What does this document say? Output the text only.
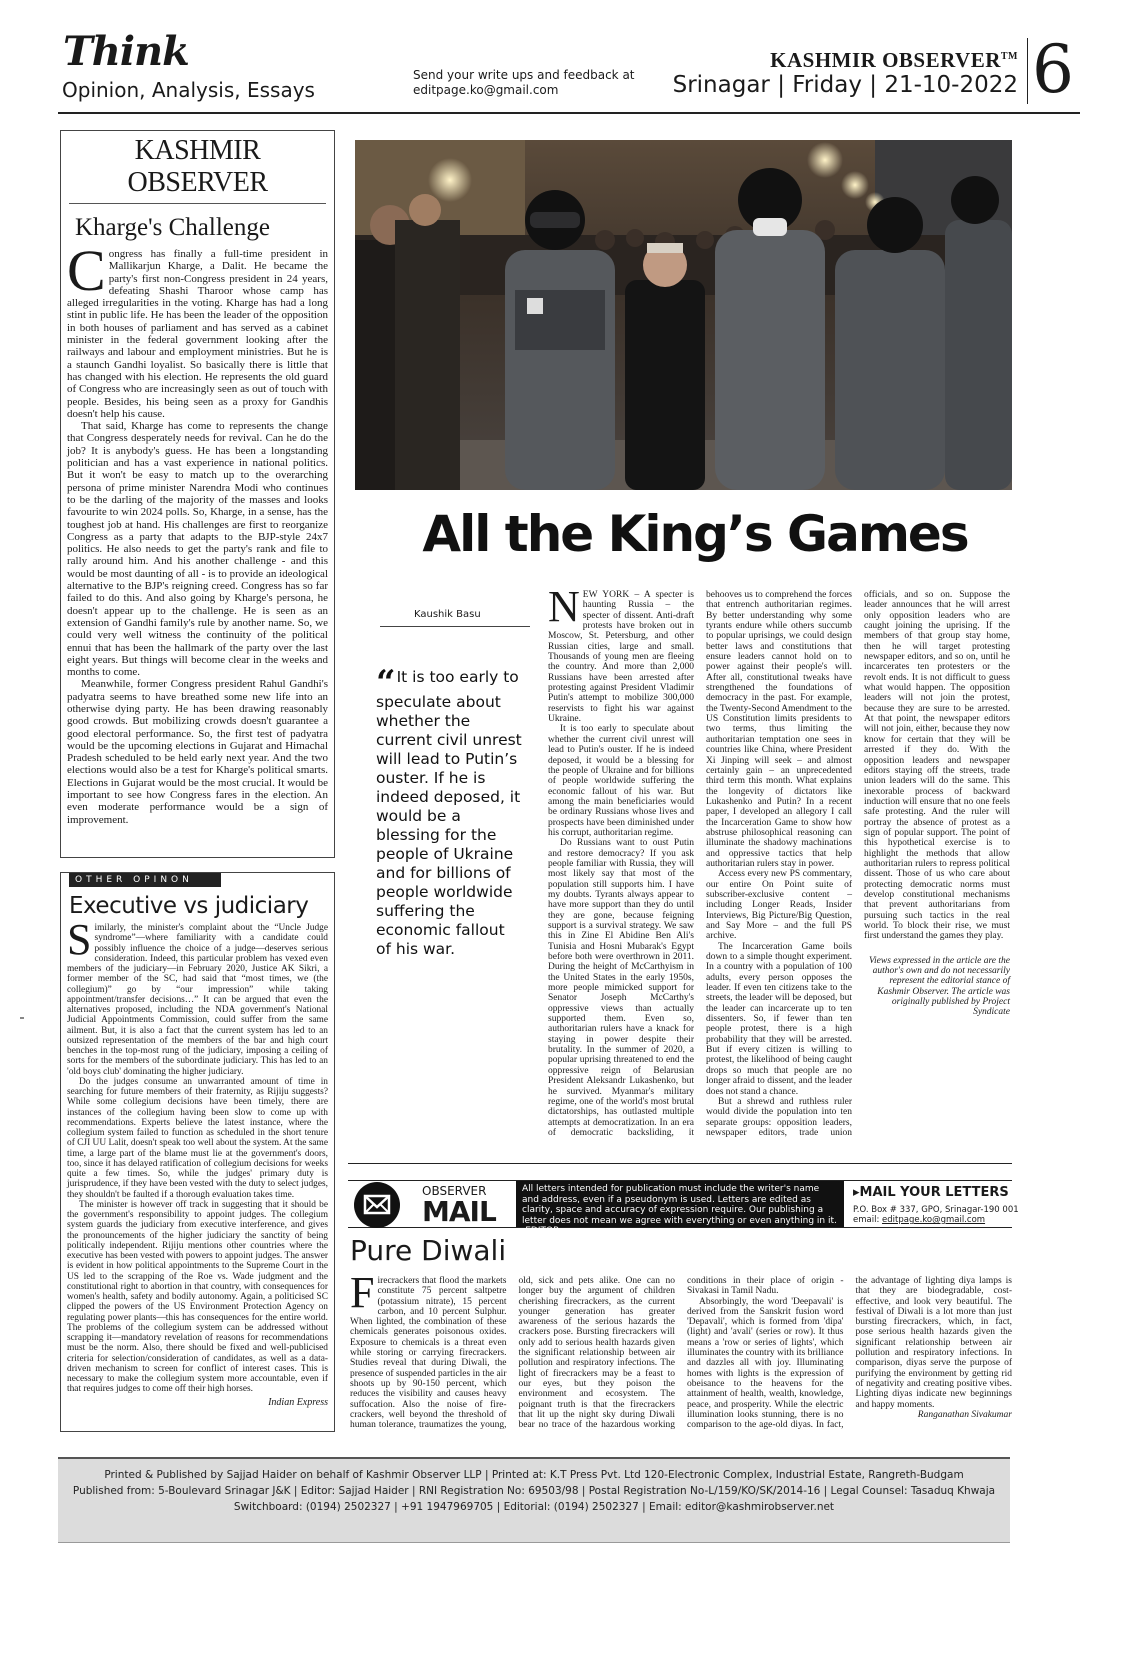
Think
Opinion, Analysis, Essays
Send your write ups and feedback at
editpage.ko@gmail.com
KASHMIR OBSERVER™
Srinagar | Friday | 21-10-2022 6
KASHMIR OBSERVER
Kharge's Challenge

Congress has finally a full-time president in Mallikarjun Kharge, a Dalit. He became the party's first non-Congress president in 24 years, defeating Shashi Tharoor whose camp has alleged irregularities in the voting. Kharge has had a long stint in public life. He has been the leader of the opposition in both houses of parliament and has served as a cabinet minister in the federal government looking after the railways and labour and employment ministries. But he is a staunch Gandhi loyalist. So basically there is little that has changed with his election. He represents the old guard of Congress who are increasingly seen as out of touch with people. Besides, his being seen as a proxy for Gandhis doesn't help his cause.

That said, Kharge has come to represents the change that Congress desperately needs for revival. Can he do the job? It is anybody's guess. He has been a longstanding politician and has a vast experience in national politics. But it won't be easy to match up to the overarching persona of prime minister Narendra Modi who continues to be the darling of the majority of the masses and looks favourite to win 2024 polls. So, Kharge, in a sense, has the toughest job at hand. His challenges are first to reorganize Congress as a party that adapts to the BJP-style 24x7 politics. He also needs to get the party's rank and file to rally around him. And his another challenge - and this would be most daunting of all - is to provide an ideological alternative to the BJP's reigning creed. Congress has so far failed to do this. And also going by Kharge's persona, he doesn't appear up to the challenge. He is seen as an extension of Gandhi family's rule by another name. So, we could very well witness the continuity of the political ennui that has been the hallmark of the party over the last eight years. But things will become clear in the weeks and months to come.

Meanwhile, former Congress president Rahul Gandhi's padyatra seems to have breathed some new life into an otherwise dying party. He has been drawing reasonably good crowds. But mobilizing crowds doesn't guarantee a good electoral performance. So, the first test of padyatra would be the upcoming elections in Gujarat and Himachal Pradesh scheduled to be held early next year. And the two elections would also be a test for Kharge's political smarts. Elections in Gujarat would be the most crucial. It would be important to see how Congress fares in the election. An even moderate performance would be a sign of improvement.

OTHER OPINON
Executive vs judiciary

Similarly, the minister's complaint about the “Uncle Judge syndrome”—where familiarity with a candidate could possibly influence the choice of a judge—deserves serious consideration. Indeed, this particular problem has vexed even members of the judiciary—in February 2020, Justice AK Sikri, a former member of the SC, had said that “most times, we (the collegium)” go by “our impression” while taking appointment/transfer decisions…” It can be argued that even the alternatives proposed, including the NDA government's National Judicial Appointments Commission, could suffer from the same ailment. But, it is also a fact that the current system has led to an outsized representation of the members of the bar and high court benches in the top-most rung of the judiciary, imposing a ceiling of sorts for the members of the subordinate judiciary. This has led to an 'old boys club' dominating the higher judiciary.

Do the judges consume an unwarranted amount of time in searching for future members of their fraternity, as Rijiju suggests? While some collegium decisions have been timely, there are instances of the collegium having been slow to come up with recommendations. Experts believe the latest instance, where the collegium system failed to function as scheduled in the short tenure of CJI UU Lalit, doesn't speak too well about the system. At the same time, a large part of the blame must lie at the government's doors, too, since it has delayed ratification of collegium decisions for weeks quite a few times. So, while the judges' primary duty is jurisprudence, if they have been vested with the duty to select judges, they shouldn't be faulted if a thorough evaluation takes time.

The minister is however off track in suggesting that it should be the government's responsibility to appoint judges. The collegium system guards the judiciary from executive interference, and gives the pronouncements of the higher judiciary the sanctity of being politically independent. Rijiju mentions other countries where the executive has been vested with powers to appoint judges. The answer is evident in how political appointments to the Supreme Court in the US led to the scrapping of the Roe vs. Wade judgment and the constitutional right to abortion in that country, with consequences for women's health, safety and bodily autonomy. Again, a politicised SC clipped the powers of the US Environment Protection Agency on regulating power plants—this has consequences for the entire world. The problems of the collegium system can be addressed without scrapping it—mandatory revelation of reasons for recommendations must be the norm. Also, there should be fixed and well-publicised criteria for selection/consideration of candidates, as well as a data-driven mechanism to screen for conflict of interest cases. This is necessary to make the collegium system more accountable, even if that requires judges to come off their high horses.

Indian Express
All the King’s Games
Kaushik Basu
“It is too early to speculate about whether the current civil unrest will lead to Putin’s ouster. If he is indeed deposed, it would be a blessing for the people of Ukraine and for billions of people worldwide suffering the economic fallout of his war.

NEW YORK – A specter is haunting Russia – the specter of dissent. Anti-draft protests have broken out in Moscow, St. Petersburg, and other Russian cities, large and small. Thousands of young men are fleeing the country. And more than 2,000 Russians have been arrested after protesting against President Vladimir Putin's attempt to mobilize 300,000 reservists to fight his war against Ukraine.

It is too early to speculate about whether the current civil unrest will lead to Putin's ouster. If he is indeed deposed, it would be a blessing for the people of Ukraine and for billions of people worldwide suffering the economic fallout of his war. But among the main beneficiaries would be ordinary Russians whose lives and prospects have been diminished under his corrupt, authoritarian regime.

Do Russians want to oust Putin and restore democracy? If you ask people familiar with Russia, they will most likely say that most of the population still supports him. I have my doubts. Tyrants always appear to have more support than they do until they are gone, because feigning support is a survival strategy. We saw this in Zine El Abidine Ben Ali's Tunisia and Hosni Mubarak's Egypt before both were overthrown in 2011. During the height of McCarthyism in the United States in the early 1950s, more people mimicked support for Senator Joseph McCarthy's oppressive views than actually supported them. Even so, authoritarian rulers have a knack for staying in power despite their brutality. In the summer of 2020, a popular uprising threatened to end the oppressive reign of Belarusian President Aleksandr Lukashenko, but he survived. Myanmar's military regime, one of the world's most brutal dictatorships, has outlasted multiple attempts at democratization. In an era of democratic backsliding, it behooves us to comprehend the forces that entrench authoritarian regimes. By better understanding why some tyrants endure while others succumb to popular uprisings, we could design better laws and constitutions that ensure leaders cannot hold on to power against their people's will. After all, constitutional tweaks have strengthened the foundations of democracy in the past. For example, the Twenty-Second Amendment to the US Constitution limits presidents to two terms, thus limiting the authoritarian temptation one sees in countries like China, where President Xi Jinping will seek – and almost certainly gain – an unprecedented third term this month. What explains the longevity of dictators like Lukashenko and Putin? In a recent paper, I developed an allegory I call the Incarceration Game to show how abstruse philosophical reasoning can illuminate the shadowy machinations and oppressive tactics that help authoritarian rulers stay in power.

Access every new PS commentary, our entire On Point suite of subscriber-exclusive content – including Longer Reads, Insider Interviews, Big Picture/Big Question, and Say More – and the full PS archive.

The Incarceration Game boils down to a simple thought experiment. In a country with a population of 100 adults, every person opposes the leader. If even ten citizens take to the streets, the leader will be deposed, but the leader can incarcerate up to ten dissenters. So, if fewer than ten people protest, there is a high probability that they will be arrested. But if every citizen is willing to protest, the likelihood of being caught drops so much that people are no longer afraid to dissent, and the leader does not stand a chance.

But a shrewd and ruthless ruler would divide the population into ten separate groups: opposition leaders, newspaper editors, trade union officials, and so on. Suppose the leader announces that he will arrest only opposition leaders who are caught joining the uprising. If the members of that group stay home, then he will target protesting newspaper editors, and so on, until he incarcerates ten protesters or the revolt ends. It is not difficult to guess what would happen. The opposition leaders will not join the protest, because they are sure to be arrested. At that point, the newspaper editors will not join, either, because they now know for certain that they will be arrested if they do. With the opposition leaders and newspaper editors staying off the streets, trade union leaders will do the same. This inexorable process of backward induction will ensure that no one feels safe protesting. And the ruler will portray the absence of protest as a sign of popular support. The point of this hypothetical exercise is to highlight the methods that allow authoritarian rulers to repress political dissent. Those of us who care about protecting democratic norms must develop constitutional mechanisms that prevent authoritarians from pursuing such tactics in the real world. To block their rise, we must first understand the games they play.

Views expressed in the article are the author's own and do not necessarily represent the editorial stance of Kashmir Observer. The article was originally published by Project Syndicate

OBSERVER
MAIL
All letters intended for publication must include the writer's name and address, even if a pseudonym is used. Letters are edited as clarity, space and accuracy of expression require. Our publishing a letter does not mean we agree with everything or even anything in it. -EDITOR
▸MAIL YOUR LETTERS
P.O. Box # 337, GPO, Srinagar-190 001
email: editpage.ko@gmail.com
Pure Diwali

Firecrackers that flood the markets constitute 75 percent saltpetre (potassium nitrate), 15 percent carbon, and 10 percent Sulphur. When lighted, the combination of these chemicals generates poisonous oxides. Exposure to chemicals is a threat even while storing or carrying firecrackers. Studies reveal that during Diwali, the presence of suspended particles in the air shoots up by 90-150 percent, which reduces the visibility and causes heavy suffocation. Also the noise of fire-crackers, well beyond the threshold of human tolerance, traumatizes the young, old, sick and pets alike. One can no longer buy the argument of children cherishing firecrackers, as the current younger generation has greater awareness of the serious hazards the crackers pose. Bursting firecrackers will only add to serious health hazards given the significant relationship between air pollution and respiratory infections. The light of firecrackers may be a feast to our eyes, but they poison the environment and ecosystem. The poignant truth is that the firecrackers that lit up the night sky during Diwali bear no trace of the hazardous working conditions in their place of origin - Sivakasi in Tamil Nadu.

Absorbingly, the word 'Deepavali' is derived from the Sanskrit fusion word 'Depavali', which is formed from 'dipa' (light) and 'avali' (series or row). It thus means a 'row or series of lights', which illuminates the country with its brilliance and dazzles all with joy. Illuminating homes with lights is the expression of obeisance to the heavens for the attainment of health, wealth, knowledge, peace, and prosperity. While the electric illumination looks stunning, there is no comparison to the age-old diyas. In fact, the advantage of lighting diya lamps is that they are biodegradable, cost-effective, and look very beautiful. The festival of Diwali is a lot more than just bursting firecrackers, which, in fact, pose serious health hazards given the significant relationship between air pollution and respiratory infections. In comparison, diyas serve the purpose of purifying the environment by getting rid of negativity and creating positive vibes. Lighting diyas indicate new beginnings and happy moments.

Ranganathan Sivakumar

Printed & Published by Sajjad Haider on behalf of Kashmir Observer LLP | Printed at: K.T Press Pvt. Ltd 120-Electronic Complex, Industrial Estate, Rangreth-Budgam
Published from: 5-Boulevard Srinagar J&K | Editor: Sajjad Haider | RNI Registration No: 69503/98 | Postal Registration No-L/159/KO/SK/2014-16 | Legal Counsel: Tasaduq Khwaja
Switchboard: (0194) 2502327 | +91 1947969705 | Editorial: (0194) 2502327 | Email: editor@kashmirobserver.net
